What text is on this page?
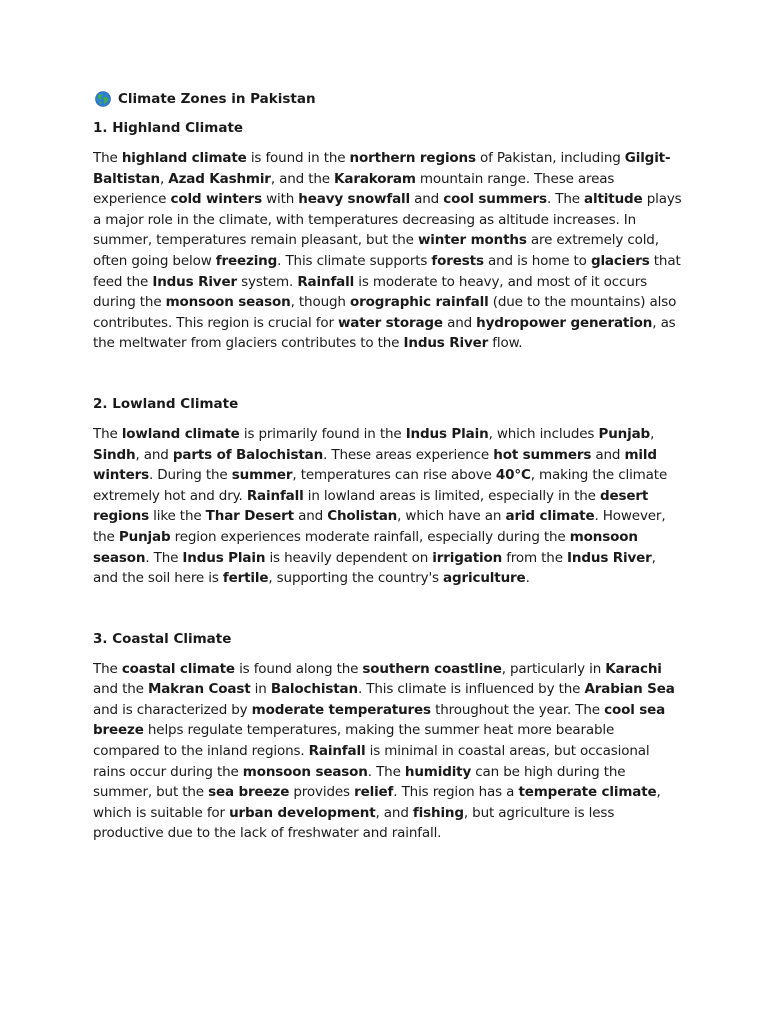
Climate Zones in Pakistan
1. Highland Climate

The highland climate is found in the northern regions of Pakistan, including Gilgit-Baltistan, Azad Kashmir, and the Karakoram mountain range. These areas experience cold winters with heavy snowfall and cool summers. The altitude plays a major role in the climate, with temperatures decreasing as altitude increases. In summer, temperatures remain pleasant, but the winter months are extremely cold, often going below freezing. This climate supports forests and is home to glaciers that feed the Indus River system. Rainfall is moderate to heavy, and most of it occurs during the monsoon season, though orographic rainfall (due to the mountains) also contributes. This region is crucial for water storage and hydropower generation, as the meltwater from glaciers contributes to the Indus River flow.

2. Lowland Climate

The lowland climate is primarily found in the Indus Plain, which includes Punjab, Sindh, and parts of Balochistan. These areas experience hot summers and mild winters. During the summer, temperatures can rise above 40°C, making the climate extremely hot and dry. Rainfall in lowland areas is limited, especially in the desert regions like the Thar Desert and Cholistan, which have an arid climate. However, the Punjab region experiences moderate rainfall, especially during the monsoon season. The Indus Plain is heavily dependent on irrigation from the Indus River, and the soil here is fertile, supporting the country's agriculture.

3. Coastal Climate

The coastal climate is found along the southern coastline, particularly in Karachi and the Makran Coast in Balochistan. This climate is influenced by the Arabian Sea and is characterized by moderate temperatures throughout the year. The cool sea breeze helps regulate temperatures, making the summer heat more bearable compared to the inland regions. Rainfall is minimal in coastal areas, but occasional rains occur during the monsoon season. The humidity can be high during the summer, but the sea breeze provides relief. This region has a temperate climate, which is suitable for urban development, and fishing, but agriculture is less productive due to the lack of freshwater and rainfall.
